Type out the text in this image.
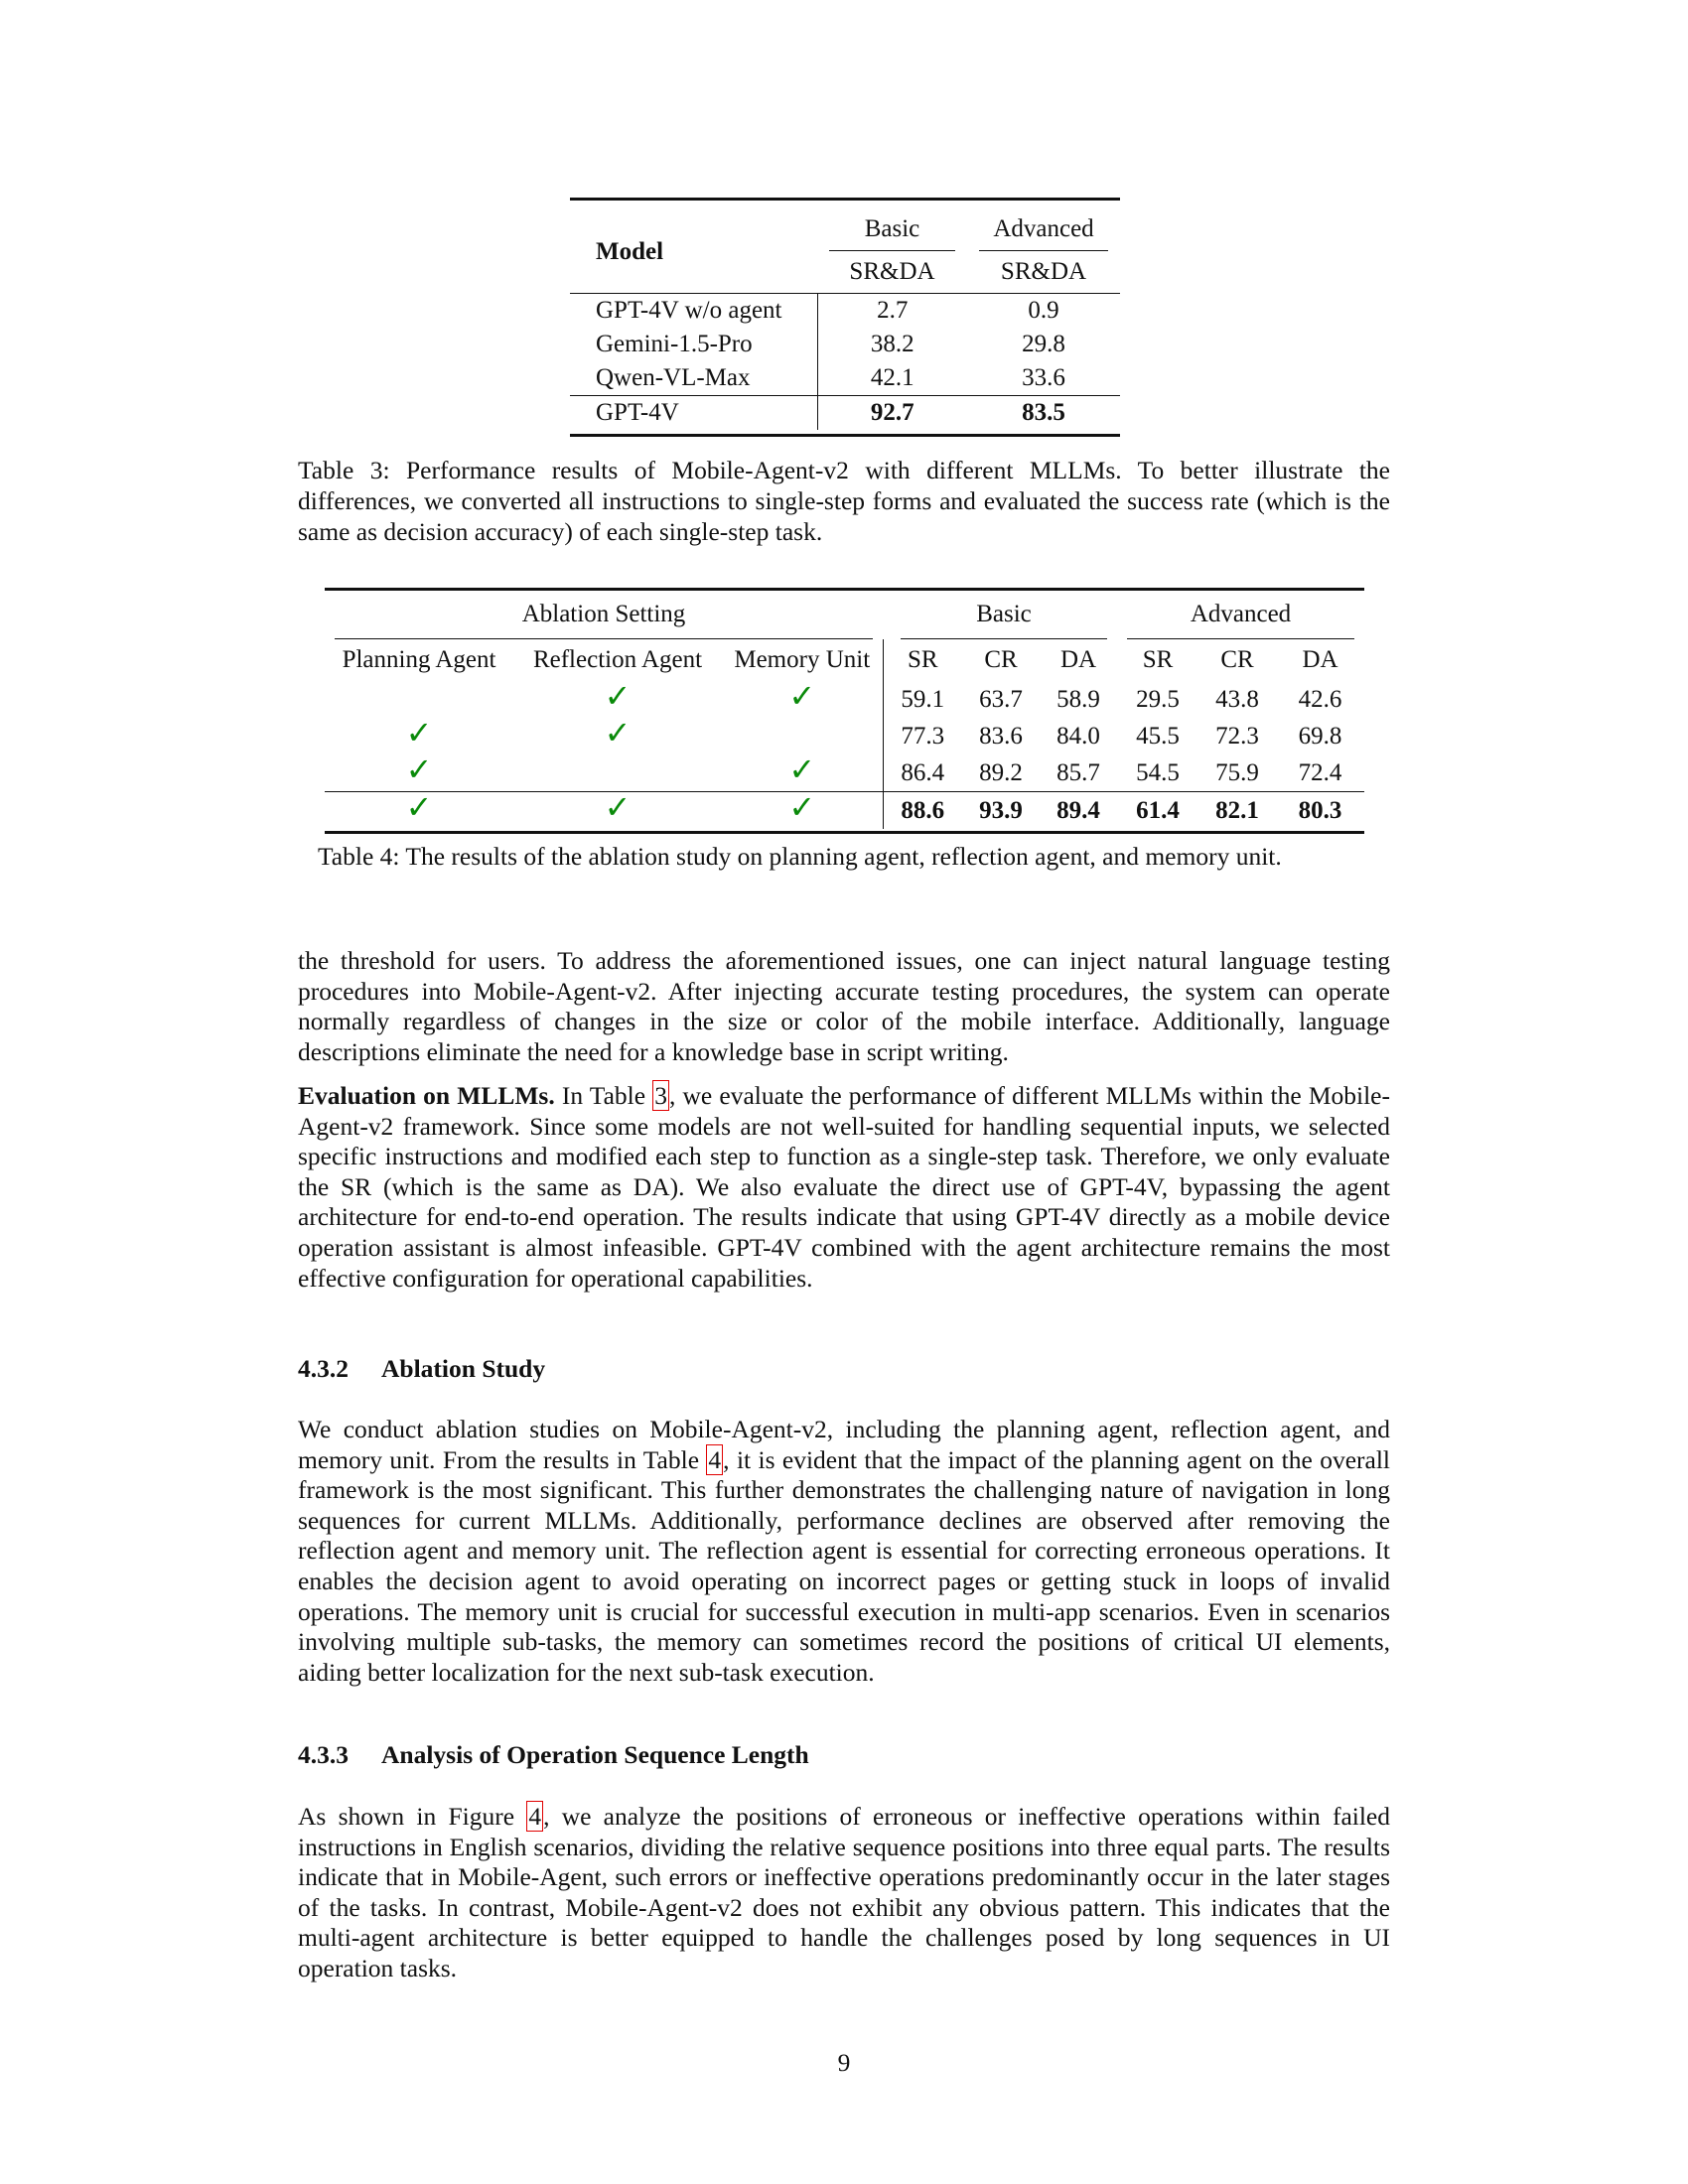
Model	Basic	Advanced

	SR&DA	SR&DA
GPT-4V w/o agent	2.7	0.9
Gemini-1.5-Pro	38.2	29.8
Qwen-VL-Max	42.1	33.6
GPT-4V	92.7	83.5

Table 3: Performance results of Mobile-Agent-v2 with different MLLMs. To better illustrate the differences, we converted all instructions to single-step forms and evaluated the success rate (which is the same as decision accuracy) of each single-step task.

Ablation Setting			Basic			Advanced		

Planning Agent	Reflection Agent	Memory Unit	SR	CR	DA	SR	CR	DA
	✓	✓	59.1	63.7	58.9	29.5	43.8	42.6
✓	✓		77.3	83.6	84.0	45.5	72.3	69.8
✓		✓	86.4	89.2	85.7	54.5	75.9	72.4
✓	✓	✓	88.6	93.9	89.4	61.4	82.1	80.3

Table 4: The results of the ablation study on planning agent, reflection agent, and memory unit.
the threshold for users. To address the aforementioned issues, one can inject natural language testing procedures into Mobile-Agent-v2. After injecting accurate testing procedures, the system can operate normally regardless of changes in the size or color of the mobile interface. Additionally, language descriptions eliminate the need for a knowledge base in script writing.
Evaluation on MLLMs. In Table 3, we evaluate the performance of different MLLMs within the Mobile-Agent-v2 framework. Since some models are not well-suited for handling sequential inputs, we selected specific instructions and modified each step to function as a single-step task. Therefore, we only evaluate the SR (which is the same as DA). We also evaluate the direct use of GPT-4V, bypassing the agent architecture for end-to-end operation. The results indicate that using GPT-4V directly as a mobile device operation assistant is almost infeasible. GPT-4V combined with the agent architecture remains the most effective configuration for operational capabilities.
4.3.2 Ablation Study
We conduct ablation studies on Mobile-Agent-v2, including the planning agent, reflection agent, and memory unit. From the results in Table 4, it is evident that the impact of the planning agent on the overall framework is the most significant. This further demonstrates the challenging nature of navigation in long sequences for current MLLMs. Additionally, performance declines are observed after removing the reflection agent and memory unit. The reflection agent is essential for correcting erroneous operations. It enables the decision agent to avoid operating on incorrect pages or getting stuck in loops of invalid operations. The memory unit is crucial for successful execution in multi-app scenarios. Even in scenarios involving multiple sub-tasks, the memory can sometimes record the positions of critical UI elements, aiding better localization for the next sub-task execution.
4.3.3 Analysis of Operation Sequence Length
As shown in Figure 4, we analyze the positions of erroneous or ineffective operations within failed instructions in English scenarios, dividing the relative sequence positions into three equal parts. The results indicate that in Mobile-Agent, such errors or ineffective operations predominantly occur in the later stages of the tasks. In contrast, Mobile-Agent-v2 does not exhibit any obvious pattern. This indicates that the multi-agent architecture is better equipped to handle the challenges posed by long sequences in UI operation tasks.
9
